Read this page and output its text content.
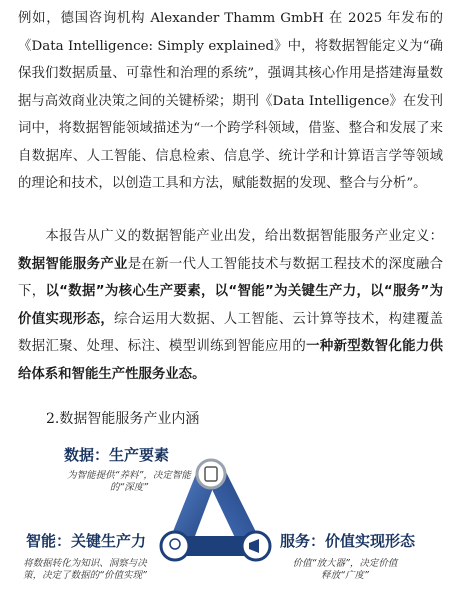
例如，德国咨询机构 Alexander Thamm GmbH 在 2025 年发布的《Data Intelligence: Simply explained》中，将数据智能定义为“确保我们数据质量、可靠性和治理的系统”，强调其核心作用是搭建海量数据与高效商业决策之间的关键桥梁；期刊《Data Intelligence》在发刊词中，将数据智能领域描述为“一个跨学科领域，借鉴、整合和发展了来自数据库、人工智能、信息检索、信息学、统计学和计算语言学等领域的理论和技术，以创造工具和方法，赋能数据的发现、整合与分析”。

本报告从广义的数据智能产业出发，给出数据智能服务产业定义：数据智能服务产业是在新一代人工智能技术与数据工程技术的深度融合下，以“数据”为核心生产要素，以“智能”为关键生产力，以“服务”为价值实现形态，综合运用大数据、人工智能、云计算等技术，构建覆盖数据汇聚、处理、标注、模型训练到智能应用的一种新型数智化能力供给体系和智能生产性服务业态。

2.数据智能服务产业内涵
数据：生产要素
为智能提供“养料”，决定智能的“深度”
智能：关键生产力
将数据转化为知识、洞察与决策，决定了数据的“价值实现”
服务：价值实现形态
价值“放大器”，决定价值释放“广度”
